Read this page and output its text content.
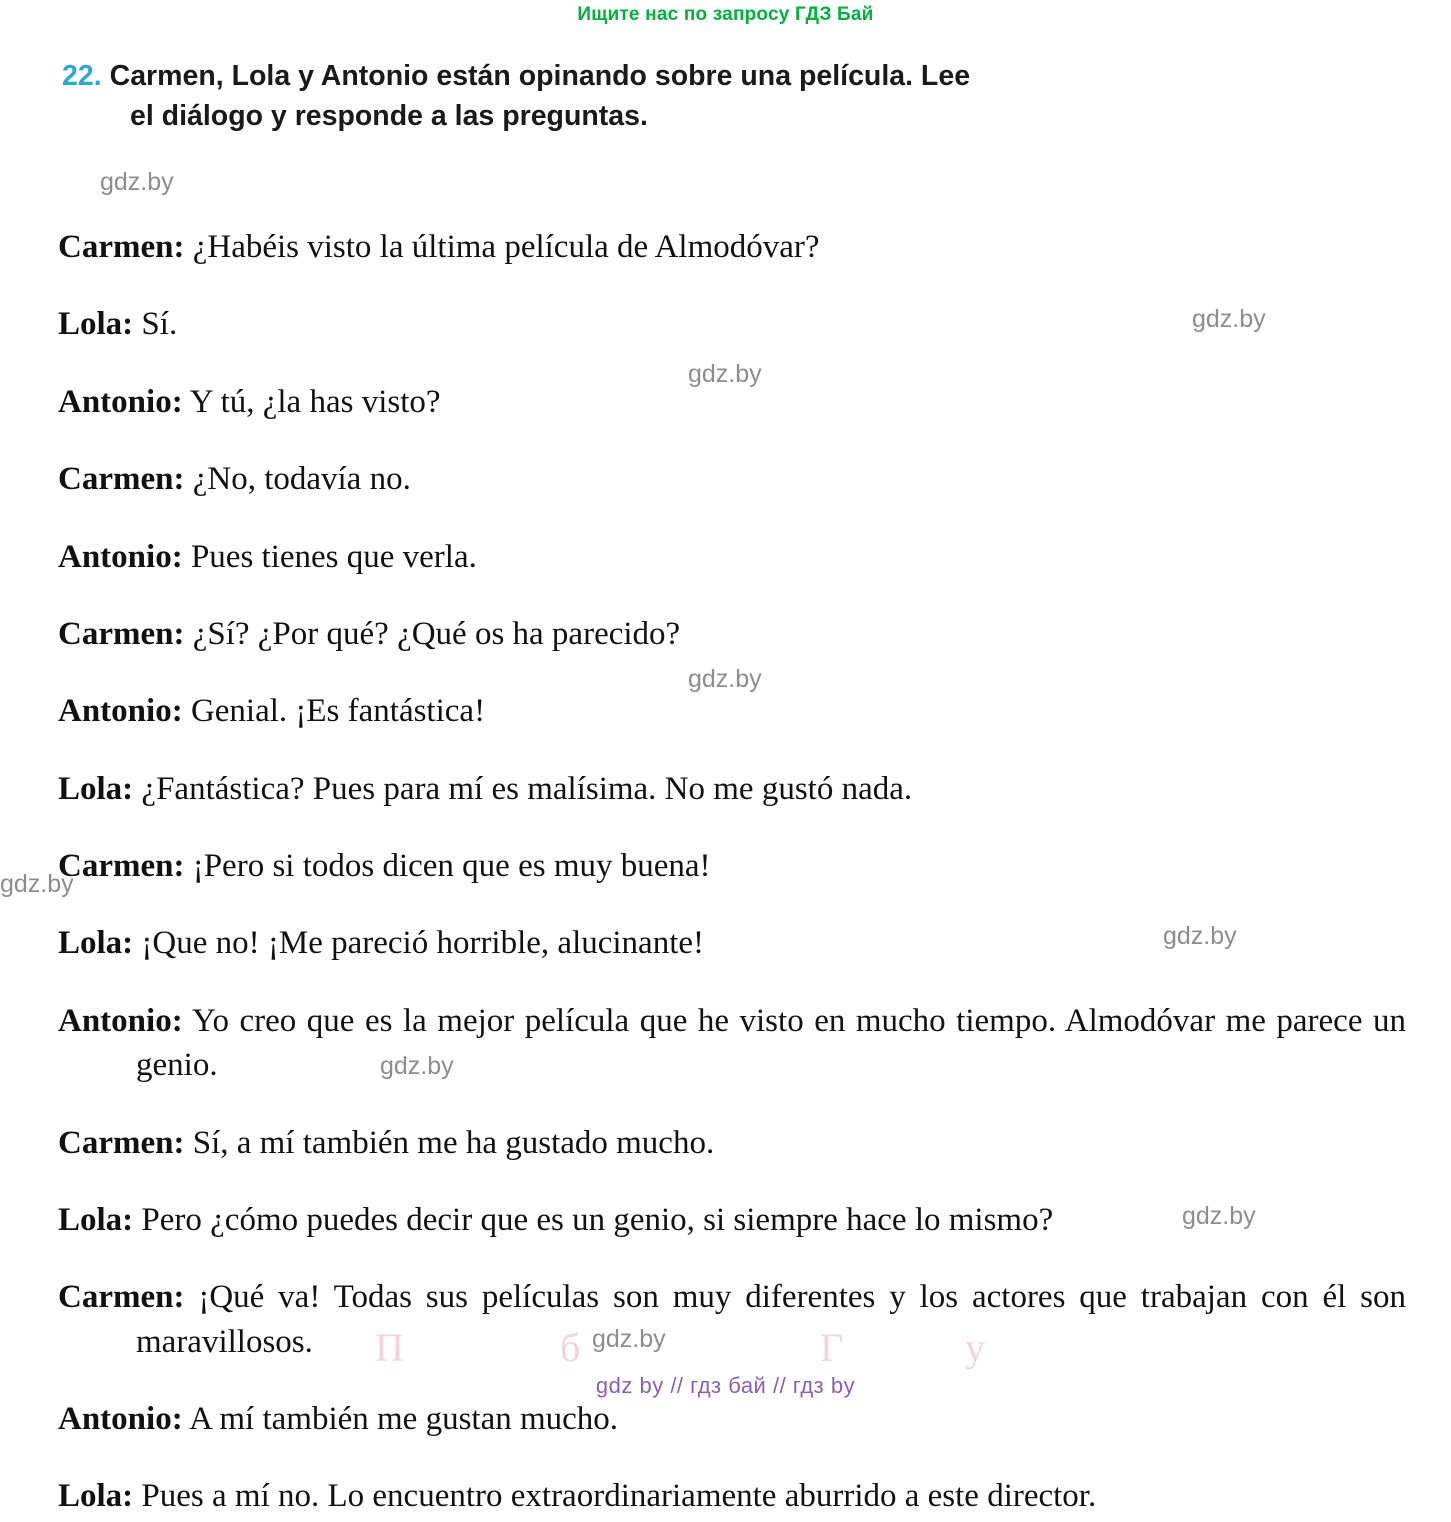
Ищите нас по запросу ГДЗ Бай
22. Carmen, Lola y Antonio están opinando sobre una película. Lee
el diálogo y responde a las preguntas.

Carmen: ¿Habéis visto la última película de Almodóvar?

Lola: Sí.

Antonio: Y tú, ¿la has visto?

Carmen: ¿No, todavía no.

Antonio: Pues tienes que verla.

Carmen: ¿Sí? ¿Por qué? ¿Qué os ha parecido?

Antonio: Genial. ¡Es fantástica!

Lola: ¿Fantástica? Pues para mí es malísima. No me gustó nada.

Carmen: ¡Pero si todos dicen que es muy buena!

Lola: ¡Que no! ¡Me pareció horrible, alucinante!

Antonio: Yo creo que es la mejor película que he visto en mucho tiempo. Almodóvar me parece un genio.

Carmen: Sí, a mí también me ha gustado mucho.

Lola: Pero ¿cómo puedes decir que es un genio, si siempre hace lo mismo?

Carmen: ¡Qué va! Todas sus películas son muy diferentes y los actores que trabajan con él son maravillosos.

Antonio: A mí también me gustan mucho.

Lola: Pues a mí no. Lo encuentro extraordinariamente aburrido a este director.

gdz.by
gdz.by
gdz.by
gdz.by
gdz.by
gdz.by
gdz.by
gdz.by
gdz.by
П	б	Г	у
gdz by // гдз бай // гдз by
